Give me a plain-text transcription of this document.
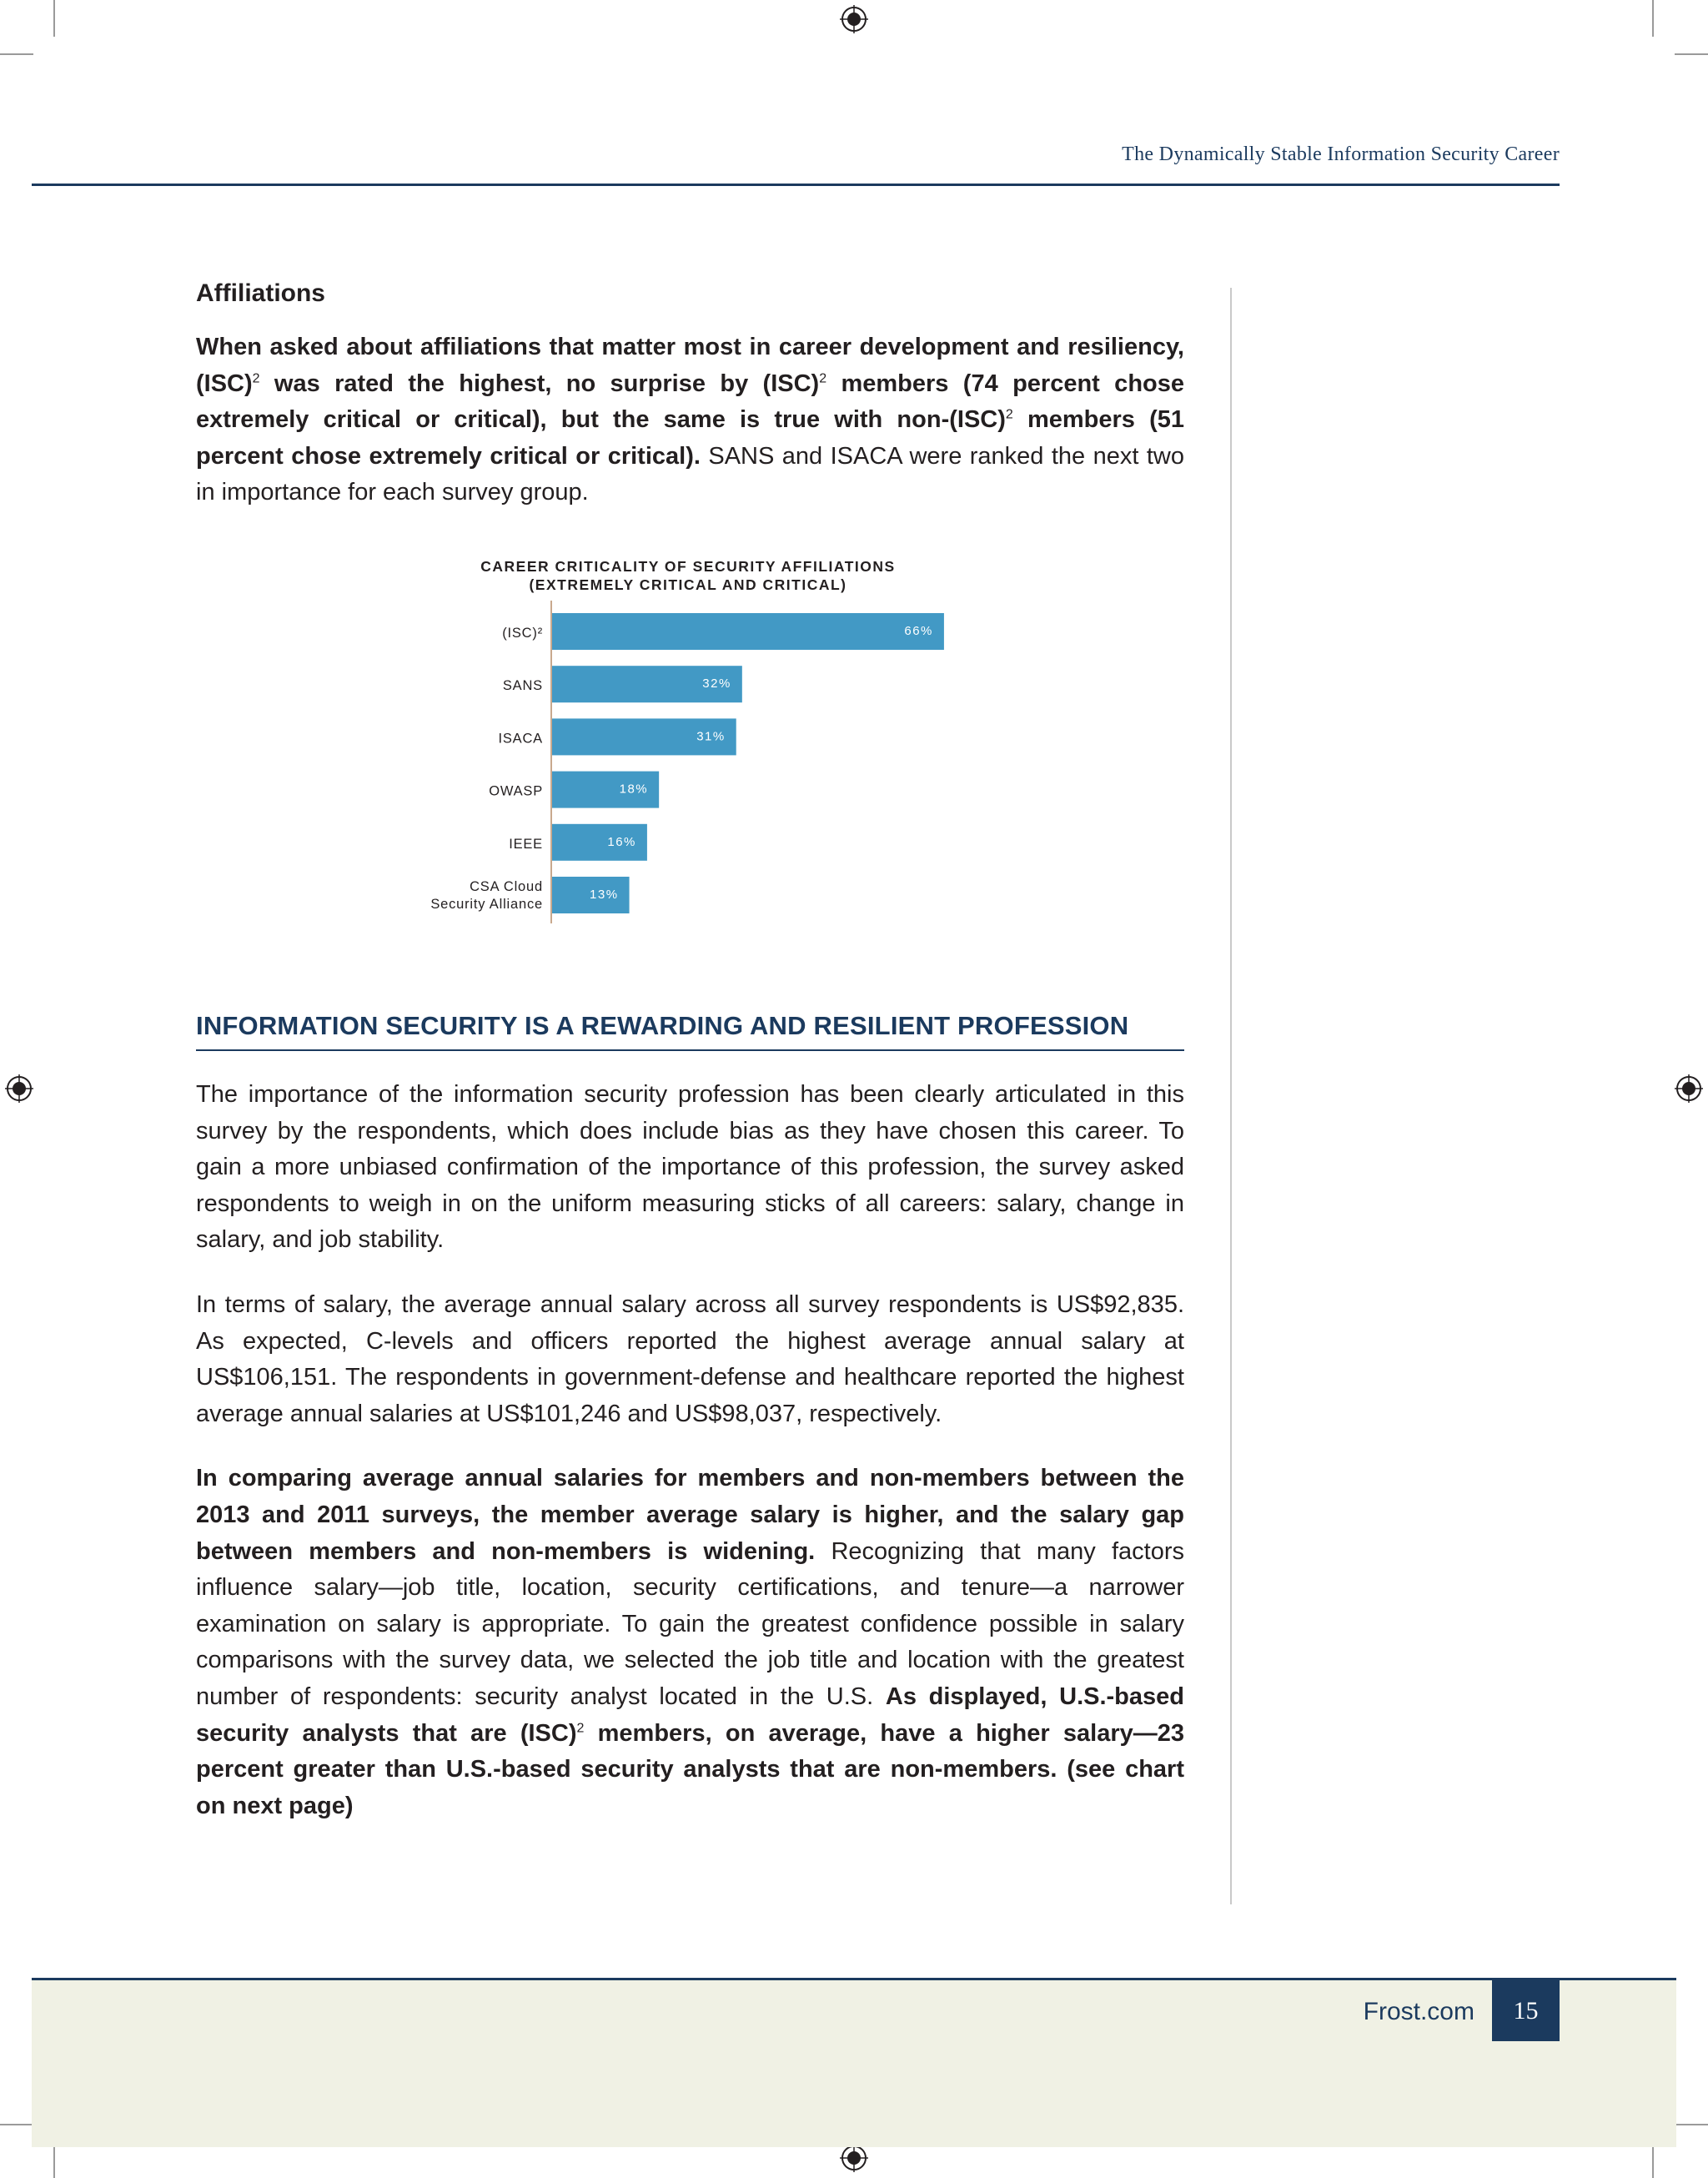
The Dynamically Stable Information Security Career
Affiliations

When asked about affiliations that matter most in career development and resiliency, (ISC)$^2$ was rated the highest, no surprise by (ISC)$^2$ members (74 percent chose extremely critical or critical), but the same is true with non-(ISC)$^2$ members (51 percent chose extremely critical or critical). SANS and ISACA were ranked the next two in importance for each survey group.

CAREER CRITICALITY OF SECURITY AFFILIATIONS
(EXTREMELY CRITICAL AND CRITICAL)
66%
(ISC)²
32%
SANS
31%
ISACA
18%
OWASP
16%
IEEE
13%
CSA Cloud Security Alliance
INFORMATION SECURITY IS A REWARDING AND RESILIENT PROFESSION

The importance of the information security profession has been clearly articulated in this survey by the respondents, which does include bias as they have chosen this career. To gain a more unbiased confirmation of the importance of this profession, the survey asked respondents to weigh in on the uniform measuring sticks of all careers: salary, change in salary, and job stability.

In terms of salary, the average annual salary across all survey respondents is US$92,835. As expected, C-levels and officers reported the highest average annual salary at US$106,151. The respondents in government-defense and healthcare reported the highest average annual salaries at US$101,246 and US$98,037, respectively.

In comparing average annual salaries for members and non-members between the 2013 and 2011 surveys, the member average salary is higher, and the salary gap between members and non-members is widening. Recognizing that many factors influence salary—job title, location, security certifications, and tenure—a narrower examination on salary is appropriate. To gain the greatest confidence possible in salary comparisons with the survey data, we selected the job title and location with the greatest number of respondents: security analyst located in the U.S. As displayed, U.S.-based security analysts that are (ISC)$^2$ members, on average, have a higher salary—23 percent greater than U.S.-based security analysts that are non-members. (see chart on next page)

Frost.com	15
